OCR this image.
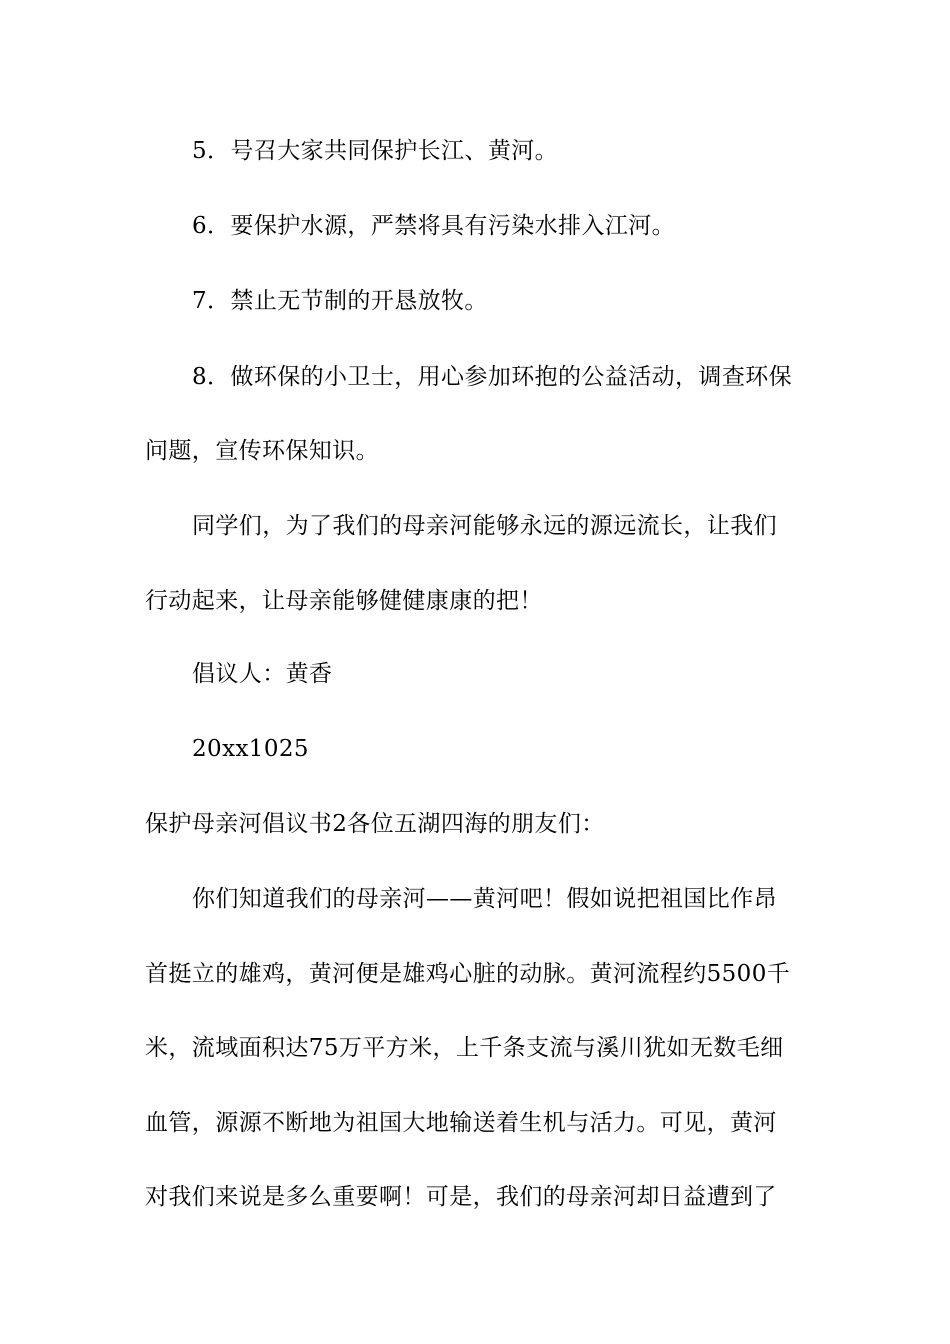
5．号召大家共同保护长江、黄河。
6．要保护水源，严禁将具有污染水排入江河。
7．禁止无节制的开恳放牧。
8．做环保的小卫士，用心参加环抱的公益活动，调查环保
问题，宣传环保知识。
同学们，为了我们的母亲河能够永远的源远流长，让我们
行动起来，让母亲能够健健康康的把！
倡议人：黄香
20xx1025
保护母亲河倡议书2各位五湖四海的朋友们：
你们知道我们的母亲河——黄河吧！假如说把祖国比作昂
首挺立的雄鸡，黄河便是雄鸡心脏的动脉。黄河流程约5500千
米，流域面积达75万平方米，上千条支流与溪川犹如无数毛细
血管，源源不断地为祖国大地输送着生机与活力。可见，黄河
对我们来说是多么重要啊！可是，我们的母亲河却日益遭到了
